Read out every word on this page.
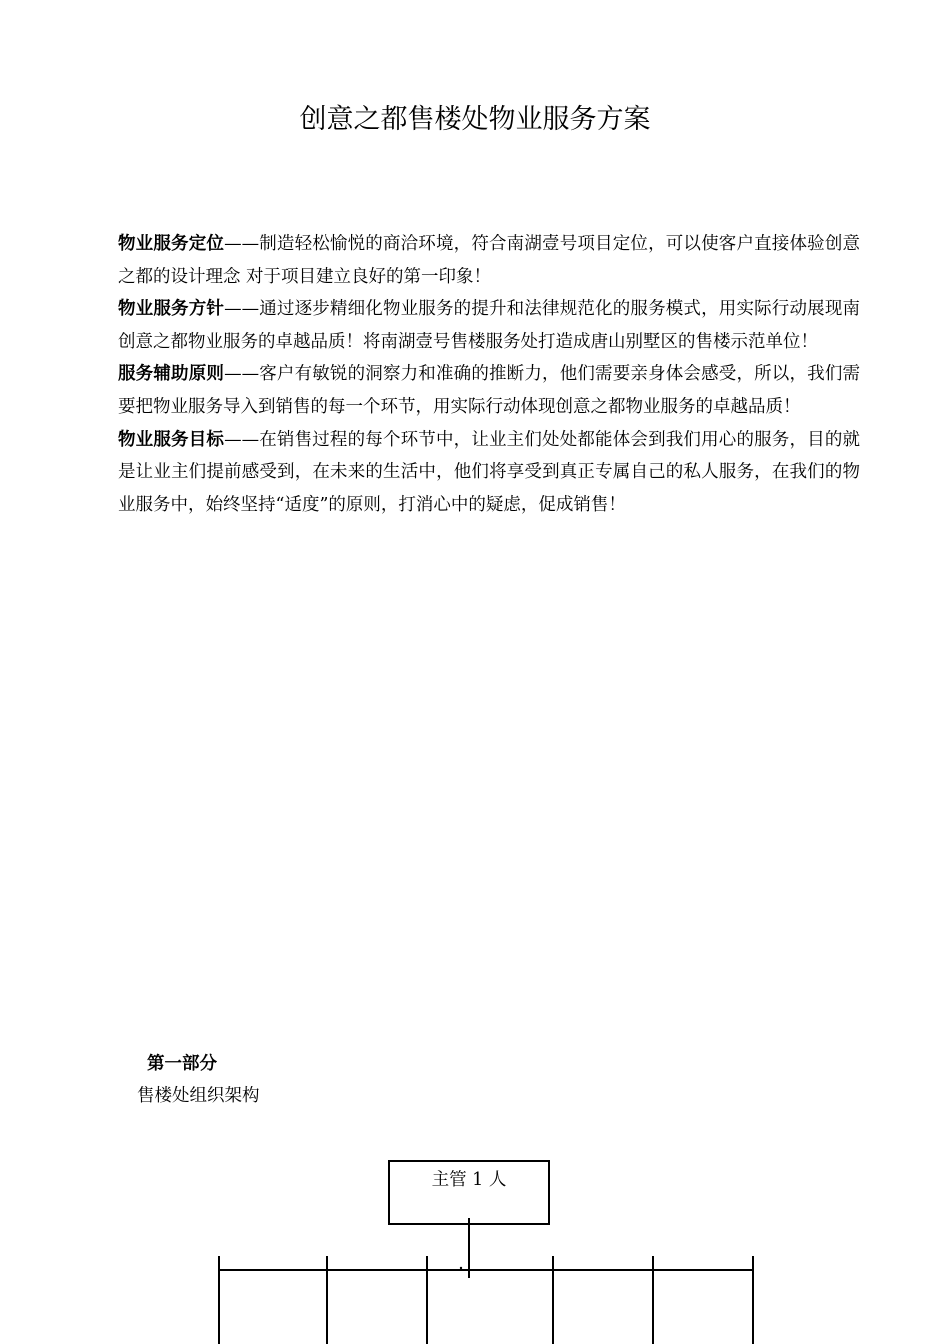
创意之都售楼处物业服务方案

物业服务定位——制造轻松愉悦的商洽环境，符合南湖壹号项目定位，可以使客户直接体验创意之都的设计理念 对于项目建立良好的第一印象！

物业服务方针——通过逐步精细化物业服务的提升和法律规范化的服务模式，用实际行动展现南创意之都物业服务的卓越品质！将南湖壹号售楼服务处打造成唐山别墅区的售楼示范单位！

服务辅助原则——客户有敏锐的洞察力和准确的推断力，他们需要亲身体会感受，所以，我们需要把物业服务导入到销售的每一个环节，用实际行动体现创意之都物业服务的卓越品质！

物业服务目标——在销售过程的每个环节中，让业主们处处都能体会到我们用心的服务，目的就是让业主们提前感受到，在未来的生活中，他们将享受到真正专属自己的私人服务，在我们的物业服务中，始终坚持“适度”的原则，打消心中的疑虑，促成销售！

第一部分
售楼处组织架构
主管 1 人
